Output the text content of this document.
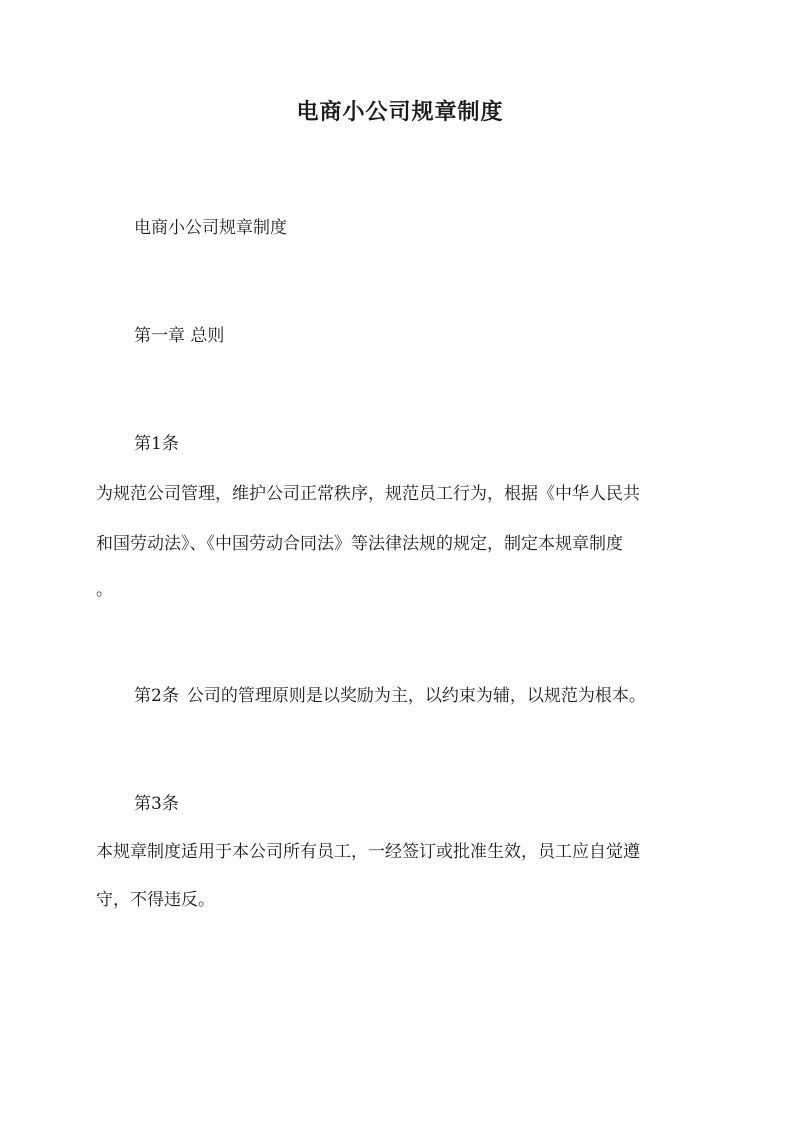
电商小公司规章制度
电商小公司规章制度
第一章 总则
第1条
为规范公司管理，维护公司正常秩序，规范员工行为，根据《中华人民共
和国劳动法》、《中国劳动合同法》等法律法规的规定，制定本规章制度
。
第2条 公司的管理原则是以奖励为主，以约束为辅，以规范为根本。
第3条
本规章制度适用于本公司所有员工，一经签订或批准生效，员工应自觉遵
守，不得违反。
